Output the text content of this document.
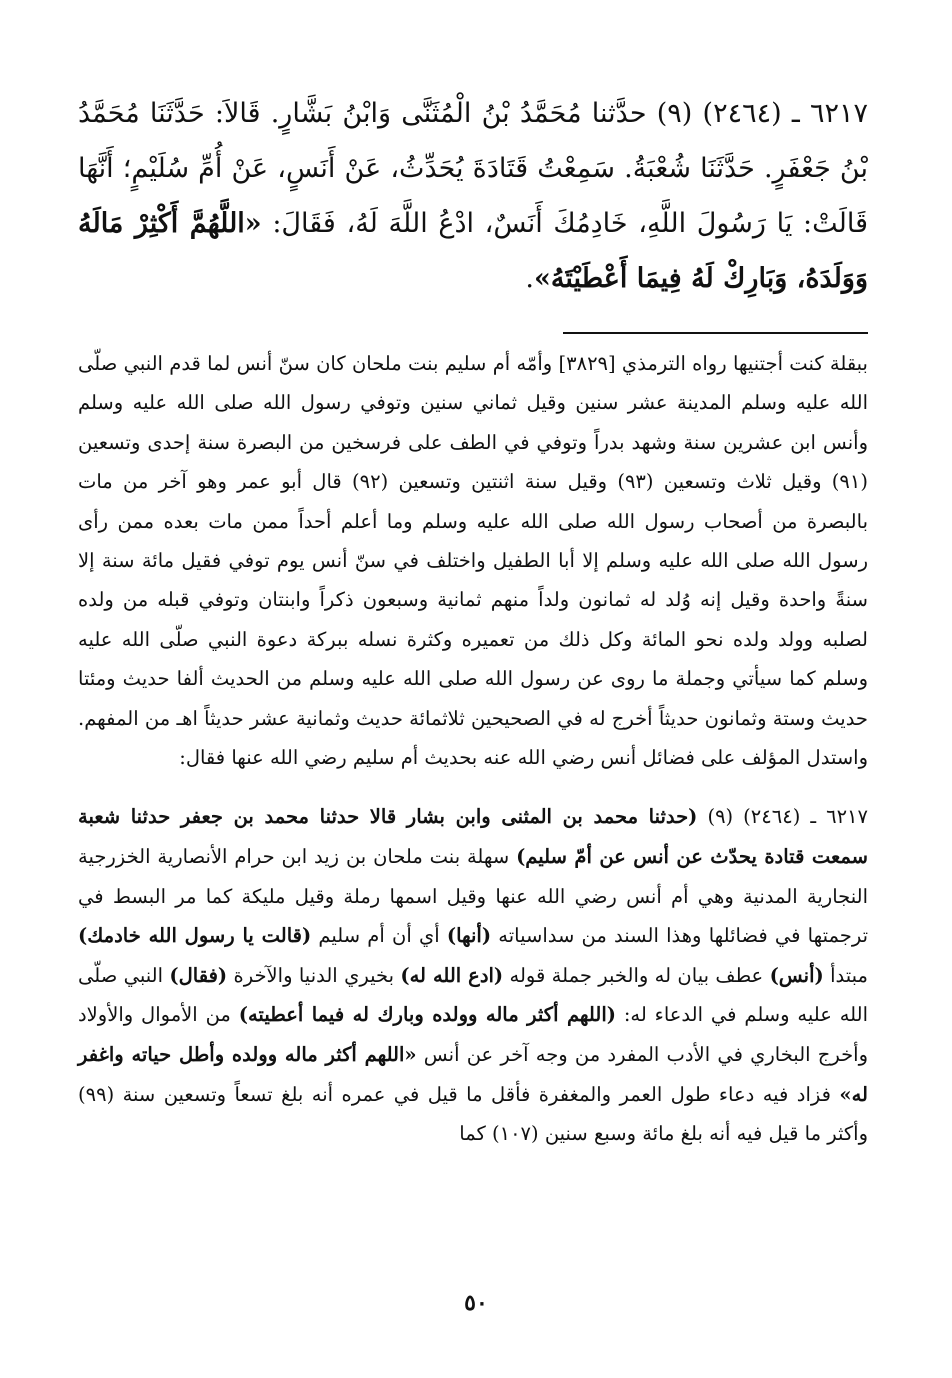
٦٢١٧ ـ (٢٤٦٤) (٩) حدَّثنا مُحَمَّدُ بْنُ الْمُثَنَّى وَابْنُ بَشَّارٍ. قَالاَ: حَدَّثَنَا مُحَمَّدُ بْنُ جَعْفَرٍ. حَدَّثَنَا شُعْبَةُ. سَمِعْتُ قَتَادَةَ يُحَدِّثُ، عَنْ أَنَسٍ، عَنْ أُمِّ سُلَيْمٍ؛ أَنَّهَا قَالَتْ: يَا رَسُولَ اللَّهِ، خَادِمُكَ أَنَسٌ، ادْعُ اللَّهَ لَهُ، فَقَالَ: «اللَّهُمَّ أَكْثِرْ مَالَهُ وَوَلَدَهُ، وَبَارِكْ لَهُ فِيمَا أَعْطَيْتَهُ».

ببقلة كنت أجتنيها رواه الترمذي [٣٨٢٩] وأمّه أم سليم بنت ملحان كان سنّ أنس لما قدم النبي صلّى الله عليه وسلم المدينة عشر سنين وقيل ثماني سنين وتوفي رسول الله صلى الله عليه وسلم وأنس ابن عشرين سنة وشهد بدراً وتوفي في الطف على فرسخين من البصرة سنة إحدى وتسعين (٩١) وقيل ثلاث وتسعين (٩٣) وقيل سنة اثنتين وتسعين (٩٢) قال أبو عمر وهو آخر من مات بالبصرة من أصحاب رسول الله صلى الله عليه وسلم وما أعلم أحداً ممن مات بعده ممن رأى رسول الله صلى الله عليه وسلم إلا أبا الطفيل واختلف في سنّ أنس يوم توفي فقيل مائة سنة إلا سنةً واحدة وقيل إنه وُلد له ثمانون ولداً منهم ثمانية وسبعون ذكراً وابنتان وتوفي قبله من ولده لصلبه وولد ولده نحو المائة وكل ذلك من تعميره وكثرة نسله ببركة دعوة النبي صلّى الله عليه وسلم كما سيأتي وجملة ما روى عن رسول الله صلى الله عليه وسلم من الحديث ألفا حديث ومئتا حديث وستة وثمانون حديثاً أخرج له في الصحيحين ثلاثمائة حديث وثمانية عشر حديثاً اهـ من المفهم. واستدل المؤلف على فضائل أنس رضي الله عنه بحديث أم سليم رضي الله عنها فقال:

٦٢١٧ ـ (٢٤٦٤) (٩) (حدثنا محمد بن المثنى وابن بشار قالا حدثنا محمد بن جعفر حدثنا شعبة سمعت قتادة يحدّث عن أنس عن أمّ سليم) سهلة بنت ملحان بن زيد ابن حرام الأنصارية الخزرجية النجارية المدنية وهي أم أنس رضي الله عنها وقيل اسمها رملة وقيل مليكة كما مر البسط في ترجمتها في فضائلها وهذا السند من سداسياته (أنها) أي أن أم سليم (قالت يا رسول الله خادمك) مبتدأ (أنس) عطف بيان له والخبر جملة قوله (ادع الله له) بخيري الدنيا والآخرة (فقال) النبي صلّى الله عليه وسلم في الدعاء له: (اللهم أكثر ماله وولده وبارك له فيما أعطيته) من الأموال والأولاد وأخرج البخاري في الأدب المفرد من وجه آخر عن أنس «اللهم أكثر ماله وولده وأطل حياته واغفر له» فزاد فيه دعاء طول العمر والمغفرة فأقل ما قيل في عمره أنه بلغ تسعاً وتسعين سنة (٩٩) وأكثر ما قيل فيه أنه بلغ مائة وسبع سنين (١٠٧) كما

٥٠
